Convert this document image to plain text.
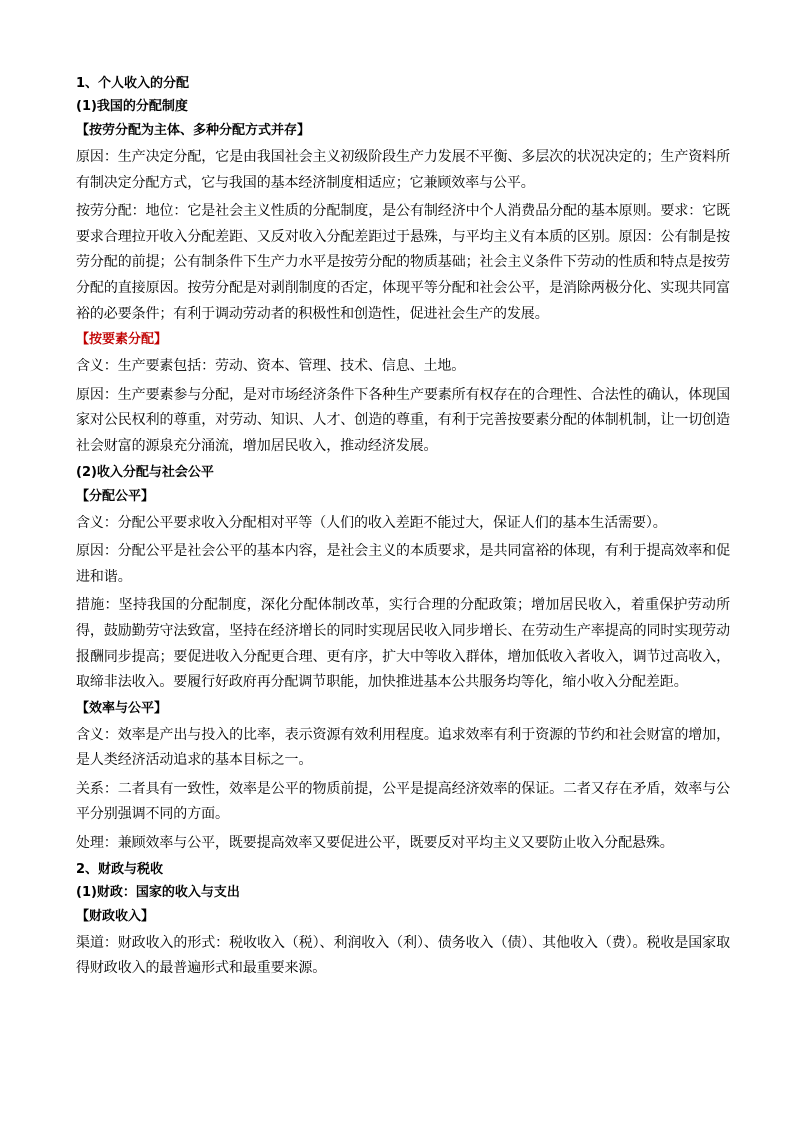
1、个人收入的分配
(1)我国的分配制度
【按劳分配为主体、多种分配方式并存】

原因：生产决定分配，它是由我国社会主义初级阶段生产力发展不平衡、多层次的状况决定的；生产资料所有制决定分配方式，它与我国的基本经济制度相适应；它兼顾效率与公平。

按劳分配：地位：它是社会主义性质的分配制度，是公有制经济中个人消费品分配的基本原则。要求：它既要求合理拉开收入分配差距、又反对收入分配差距过于悬殊，与平均主义有本质的区别。原因：公有制是按劳分配的前提；公有制条件下生产力水平是按劳分配的物质基础；社会主义条件下劳动的性质和特点是按劳分配的直接原因。按劳分配是对剥削制度的否定，体现平等分配和社会公平，是消除两极分化、实现共同富裕的必要条件；有利于调动劳动者的积极性和创造性，促进社会生产的发展。

【按要素分配】

含义：生产要素包括：劳动、资本、管理、技术、信息、土地。

原因：生产要素参与分配，是对市场经济条件下各种生产要素所有权存在的合理性、合法性的确认，体现国家对公民权利的尊重，对劳动、知识、人才、创造的尊重，有利于完善按要素分配的体制机制，让一切创造社会财富的源泉充分涌流，增加居民收入，推动经济发展。

(2)收入分配与社会公平
【分配公平】

含义：分配公平要求收入分配相对平等（人们的收入差距不能过大，保证人们的基本生活需要）。

原因：分配公平是社会公平的基本内容，是社会主义的本质要求，是共同富裕的体现，有利于提高效率和促进和谐。

措施：坚持我国的分配制度，深化分配体制改革，实行合理的分配政策；增加居民收入，着重保护劳动所得，鼓励勤劳守法致富，坚持在经济增长的同时实现居民收入同步增长、在劳动生产率提高的同时实现劳动报酬同步提高；要促进收入分配更合理、更有序，扩大中等收入群体，增加低收入者收入，调节过高收入，取缔非法收入。要履行好政府再分配调节职能，加快推进基本公共服务均等化，缩小收入分配差距。

【效率与公平】

含义：效率是产出与投入的比率，表示资源有效利用程度。追求效率有利于资源的节约和社会财富的增加，是人类经济活动追求的基本目标之一。

关系：二者具有一致性，效率是公平的物质前提，公平是提高经济效率的保证。二者又存在矛盾，效率与公平分别强调不同的方面。

处理：兼顾效率与公平，既要提高效率又要促进公平，既要反对平均主义又要防止收入分配悬殊。

2、财政与税收
(1)财政：国家的收入与支出
【财政收入】

渠道：财政收入的形式：税收收入（税）、利润收入（利）、债务收入（债）、其他收入（费）。税收是国家取得财政收入的最普遍形式和最重要来源。
